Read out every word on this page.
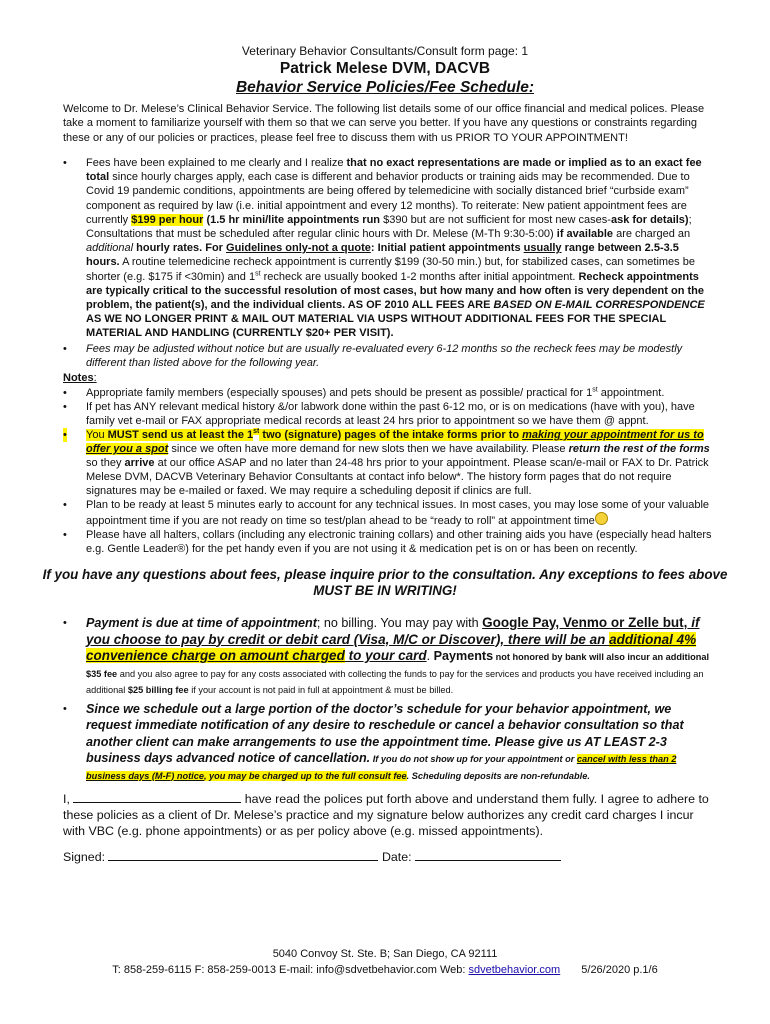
Veterinary Behavior Consultants/Consult form page: 1
Patrick Melese DVM, DACVB
Behavior Service Policies/Fee Schedule:
Welcome to Dr. Melese’s Clinical Behavior Service. The following list details some of our office financial and medical polices. Please take a moment to familiarize yourself with them so that we can serve you better. If you have any questions or constraints regarding these or any of our policies or practices, please feel free to discuss them with us PRIOR TO YOUR APPOINTMENT!
• Fees have been explained to me clearly and I realize that no exact representations are made or implied as to an exact fee total since hourly charges apply, each case is different and behavior products or training aids may be recommended. Due to Covid 19 pandemic conditions, appointments are being offered by telemedicine with socially distanced brief “curbside exam” component as required by law (i.e. initial appointment and every 12 months). To reiterate: New patient appointment fees are currently $199 per hour (1.5 hr mini/lite appointments run $390 but are not sufficient for most new cases-ask for details); Consultations that must be scheduled after regular clinic hours with Dr. Melese (M-Th 9:30-5:00) if available are charged an additional hourly rates. For Guidelines only-not a quote: Initial patient appointments usually range between 2.5-3.5 hours. A routine telemedicine recheck appointment is currently $199 (30-50 min.) but, for stabilized cases, can sometimes be shorter (e.g. $175 if <30min) and 1st recheck are usually booked 1-2 months after initial appointment. Recheck appointments are typically critical to the successful resolution of most cases, but how many and how often is very dependent on the problem, the patient(s), and the individual clients. AS OF 2010 ALL FEES ARE BASED ON E-MAIL CORRESPONDENCE AS WE NO LONGER PRINT & MAIL OUT MATERIAL VIA USPS WITHOUT ADDITIONAL FEES FOR THE SPECIAL MATERIAL AND HANDLING (CURRENTLY $20+ PER VISIT).
• Fees may be adjusted without notice but are usually re-evaluated every 6-12 months so the recheck fees may be modestly different than listed above for the following year.
Notes:
• Appropriate family members (especially spouses) and pets should be present as possible/ practical for 1st appointment.
• If pet has ANY relevant medical history &/or labwork done within the past 6-12 mo, or is on medications (have with you), have family vet e-mail or FAX appropriate medical records at least 24 hrs prior to appointment so we have them @ appnt.
• You MUST send us at least the 1st two (signature) pages of the intake forms prior to making your appointment for us to offer you a spot since we often have more demand for new slots then we have availability. Please return the rest of the forms so they arrive at our office ASAP and no later than 24-48 hrs prior to your appointment. Please scan/e-mail or FAX to Dr. Patrick Melese DVM, DACVB Veterinary Behavior Consultants at contact info below*. The history form pages that do not require signatures may be e-mailed or faxed. We may require a scheduling deposit if clinics are full.
• Plan to be ready at least 5 minutes early to account for any technical issues. In most cases, you may lose some of your valuable appointment time if you are not ready on time so test/plan ahead to be “ready to roll” at appointment time
• Please have all halters, collars (including any electronic training collars) and other training aids you have (especially head halters e.g. Gentle Leader®) for the pet handy even if you are not using it & medication pet is on or has been on recently.
If you have any questions about fees, please inquire prior to the consultation. Any exceptions to fees above MUST BE IN WRITING!
• Payment is due at time of appointment; no billing. You may pay with Google Pay, Venmo or Zelle but, if you choose to pay by credit or debit card (Visa, M/C or Discover), there will be an additional 4% convenience charge on amount charged to your card. Payments not honored by bank will also incur an additional $35 fee and you also agree to pay for any costs associated with collecting the funds to pay for the services and products you have received including an additional $25 billing fee if your account is not paid in full at appointment & must be billed.
• Since we schedule out a large portion of the doctor’s schedule for your behavior appointment, we request immediate notification of any desire to reschedule or cancel a behavior consultation so that another client can make arrangements to use the appointment time. Please give us AT LEAST 2-3 business days advanced notice of cancellation. If you do not show up for your appointment or cancel with less than 2 business days (M-F) notice, you may be charged up to the full consult fee. Scheduling deposits are non-refundable.
I,	have read the polices put forth above and understand them fully. I agree to adhere to these policies as a client of Dr. Melese’s practice and my signature below authorizes any credit card charges I incur with VBC (e.g. phone appointments) or as per policy above (e.g. missed appointments).
Signed:	Date:
5040 Convoy St. Ste. B; San Diego, CA 92111
T: 858-259-6115 F: 858-259-0013 E-mail: info@sdvetbehavior.com Web: sdvetbehavior.com 5/26/2020 p.1/6
